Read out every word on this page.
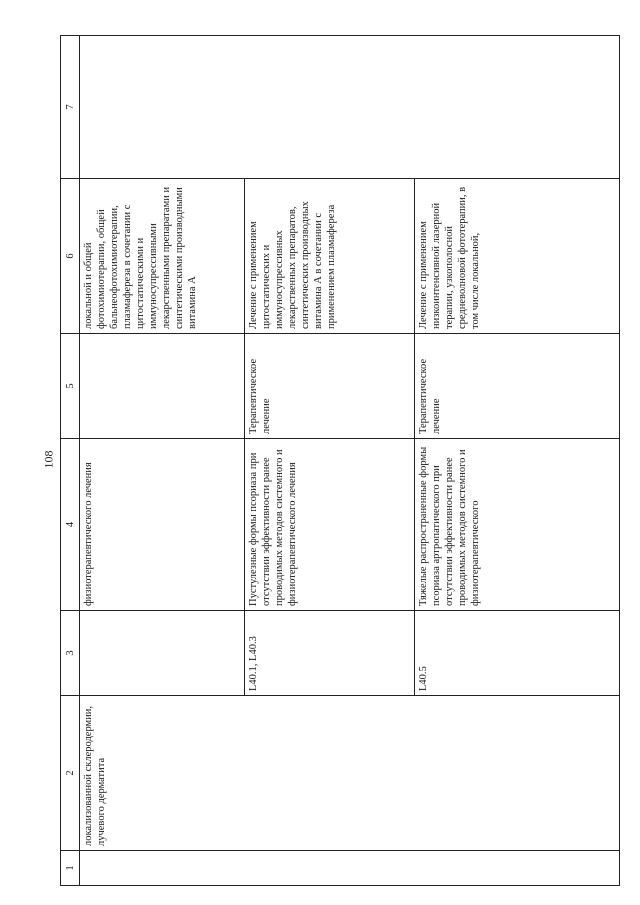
108
1	2	3	4	5	6	7
	локализованной склеродермии, лучевого дерматита		физиотерапевтического лечения		локальной и общей фотохимиотерапии, общей бальнеофотохимиотерапии, плазмафереза в сочетании с цитостатическими и иммуносупрессивными лекарственными препаратами и синтетическими производными витамина А	
		L40.1, L40.3	Пустулезные формы псориаза при отсутствии эффективности ранее проводимых методов системного и физиотерапевтического лечения	Терапевтическое лечение	Лечение с применением цитостатических и иммуносупрессивных лекарственных препаратов, синтетических производных витамина А в сочетании с применением плазмафереза	
		L40.5	Тяжелые распространенные формы псориаза артропатического при отсутствии эффективности ранее проводимых методов системного и физиотерапевтического	Терапевтическое лечение	Лечение с применением низкоинтенсивной лазерной терапии, узкополосной средневолновой фототерапии, в том числе локальной,	
